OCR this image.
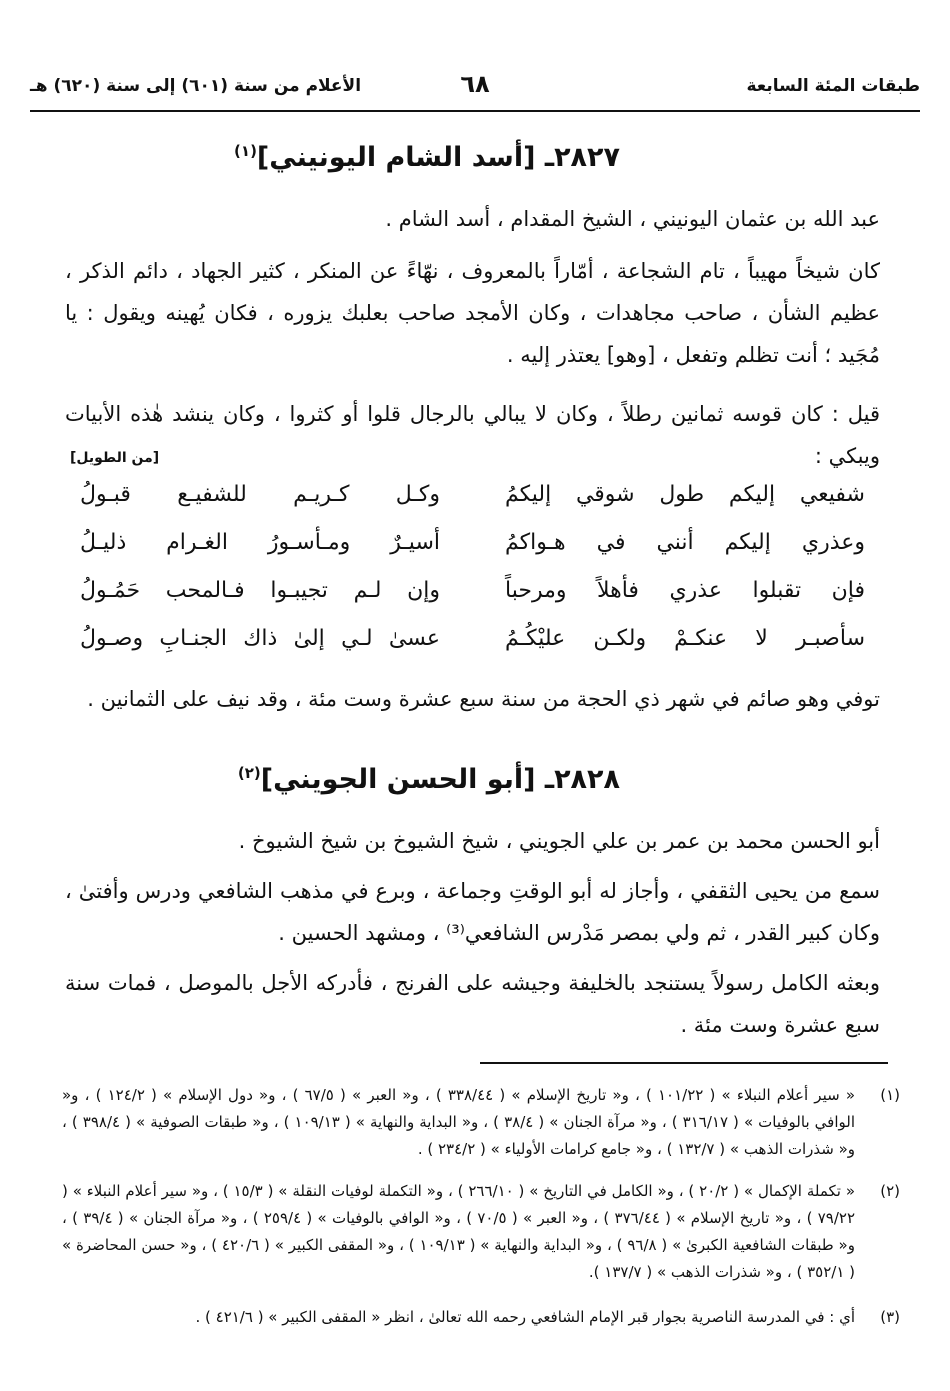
طبقات المئة السابعة
٦٨
الأعلام من سنة (٦٠١) إلى سنة (٦٢٠) هـ
٢٨٢٧ـ [أسد الشام اليونيني]$^{(١)}$
عبد الله بن عثمان اليونيني ، الشيخ المقدام ، أسد الشام .
كان شيخاً مهيباً ، تام الشجاعة ، أمّاراً بالمعروف ، نهّاءً عن المنكر ، كثير الجهاد ، دائم الذكر ، عظيم الشأن ، صاحب مجاهدات ، وكان الأمجد صاحب بعلبك يزوره ، فكان يُهينه ويقول : يا مُجَيد ؛ أنت تظلم وتفعل ، [وهو] يعتذر إليه .
قيل : كان قوسه ثمانين رطلاً ، وكان لا يبالي بالرجال قلوا أو كثروا ، وكان ينشد هٰذه الأبيات ويبكي :
[من الطويل]
شفيعي إليكم طول شوقي إليكمُ
وكـل كـريـم للشفيـع قبـولُ
وعذري إليكم أنني في هـواكمُ
أسيـرٌ ومـأسـورُ الغـرام ذليـلُ
فإن تقبلوا عذري فأهلاً ومرحباً
وإن لـم تجيبـوا فـالمحب حَمُـولُ
سأصبـر لا عنكـمْ ولكـن عليْكُـمُ
عسىٰ لـي إلىٰ ذاك الجنـابِ وصـولُ
توفي وهو صائم في شهر ذي الحجة من سنة سبع عشرة وست مئة ، وقد نيف على الثمانين .
٢٨٢٨ـ [أبو الحسن الجويني]$^{(٢)}$
أبو الحسن محمد بن عمر بن علي الجويني ، شيخ الشيوخ بن شيخ الشيوخ .
سمع من يحيى الثقفي ، وأجاز له أبو الوقتِ وجماعة ، وبرع في مذهب الشافعي ودرس وأفتىٰ ، وكان كبير القدر ، ثم ولي بمصر مَدْرس الشافعي⁽³⁾ ، ومشهد الحسين .
وبعثه الكامل رسولاً يستنجد بالخليفة وجيشه على الفرنج ، فأدركه الأجل بالموصل ، فمات سنة سبع عشرة وست مئة .
(١)
« سير أعلام النبلاء » ( ١٠١/٢٢ ) ، و« تاريخ الإسلام » ( ٣٣٨/٤٤ ) ، و« العبر » ( ٦٧/٥ ) ، و« دول الإسلام » ( ١٢٤/٢ ) ، و« الوافي بالوفيات » ( ٣١٦/١٧ ) ، و« مرآة الجنان » ( ٣٨/٤ ) ، و« البداية والنهاية » ( ١٠٩/١٣ ) ، و« طبقات الصوفية » ( ٣٩٨/٤ ) ، و« شذرات الذهب » ( ١٣٢/٧ ) ، و« جامع كرامات الأولياء » ( ٢٣٤/٢ ) .
(٢)
« تكملة الإكمال » ( ٢٠/٢ ) ، و« الكامل في التاريخ » ( ٢٦٦/١٠ ) ، و« التكملة لوفيات النقلة » ( ١٥/٣ ) ، و« سير أعلام النبلاء » ( ٧٩/٢٢ ) ، و« تاريخ الإسلام » ( ٣٧٦/٤٤ ) ، و« العبر » ( ٧٠/٥ ) ، و« الوافي بالوفيات » ( ٢٥٩/٤ ) ، و« مرآة الجنان » ( ٣٩/٤ ) ، و« طبقات الشافعية الكبرىٰ » ( ٩٦/٨ ) ، و« البداية والنهاية » ( ١٠٩/١٣ ) ، و« المقفى الكبير » ( ٤٢٠/٦ ) ، و« حسن المحاضرة » ( ٣٥٢/١ ) ، و« شذرات الذهب » ( ١٣٧/٧ ).
(٣)
أي : في المدرسة الناصرية بجوار قبر الإمام الشافعي رحمه الله تعالىٰ ، انظر « المقفى الكبير » ( ٤٢١/٦ ) .
